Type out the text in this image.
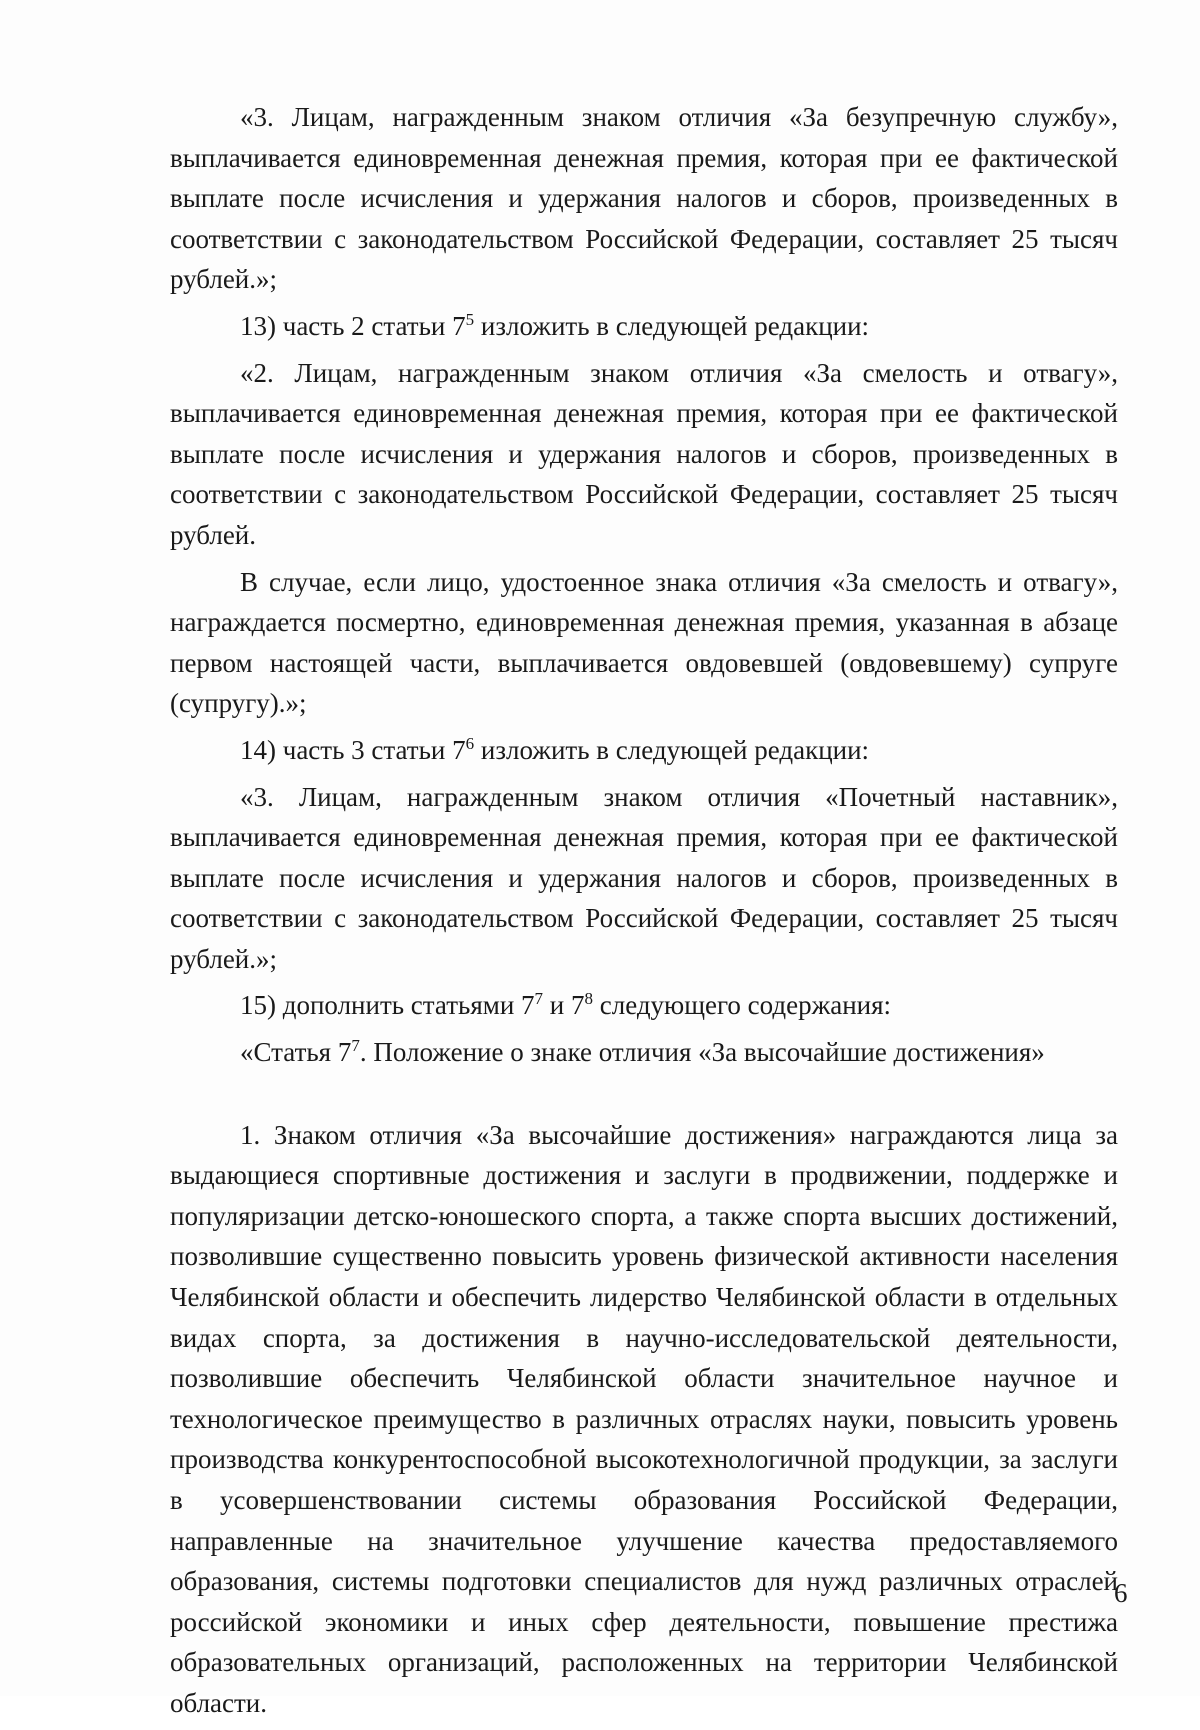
«3. Лицам, награжденным знаком отличия «За безупречную службу», выплачивается единовременная денежная премия, которая при ее фактической выплате после исчисления и удержания налогов и сборов, произведенных в соответствии с законодательством Российской Федерации, составляет 25 тысяч рублей.»;

13) часть 2 статьи $7^5$ изложить в следующей редакции:

«2. Лицам, награжденным знаком отличия «За смелость и отвагу», выплачивается единовременная денежная премия, которая при ее фактической выплате после исчисления и удержания налогов и сборов, произведенных в соответствии с законодательством Российской Федерации, составляет 25 тысяч рублей.

В случае, если лицо, удостоенное знака отличия «За смелость и отвагу», награждается посмертно, единовременная денежная премия, указанная в абзаце первом настоящей части, выплачивается овдовевшей (овдовевшему) супруге (супругу).»;

14) часть 3 статьи $7^6$ изложить в следующей редакции:

«3. Лицам, награжденным знаком отличия «Почетный наставник», выплачивается единовременная денежная премия, которая при ее фактической выплате после исчисления и удержания налогов и сборов, произведенных в соответствии с законодательством Российской Федерации, составляет 25 тысяч рублей.»;

15) дополнить статьями $7^7$ и $7^8$ следующего содержания:

«Статья $7^7$. Положение о знаке отличия «За высочайшие достижения»

1. Знаком отличия «За высочайшие достижения» награждаются лица за выдающиеся спортивные достижения и заслуги в продвижении, поддержке и популяризации детско-юношеского спорта, а также спорта высших достижений, позволившие существенно повысить уровень физической активности населения Челябинской области и обеспечить лидерство Челябинской области в отдельных видах спорта, за достижения в научно-исследовательской деятельности, позволившие обеспечить Челябинской области значительное научное и технологическое преимущество в различных отраслях науки, повысить уровень производства конкурентоспособной высокотехнологичной продукции, за заслуги в усовершенствовании системы образования Российской Федерации, направленные на значительное улучшение качества предоставляемого образования, системы подготовки специалистов для нужд различных отраслей российской экономики и иных сфер деятельности, повышение престижа образовательных организаций, расположенных на территории Челябинской области.

6
